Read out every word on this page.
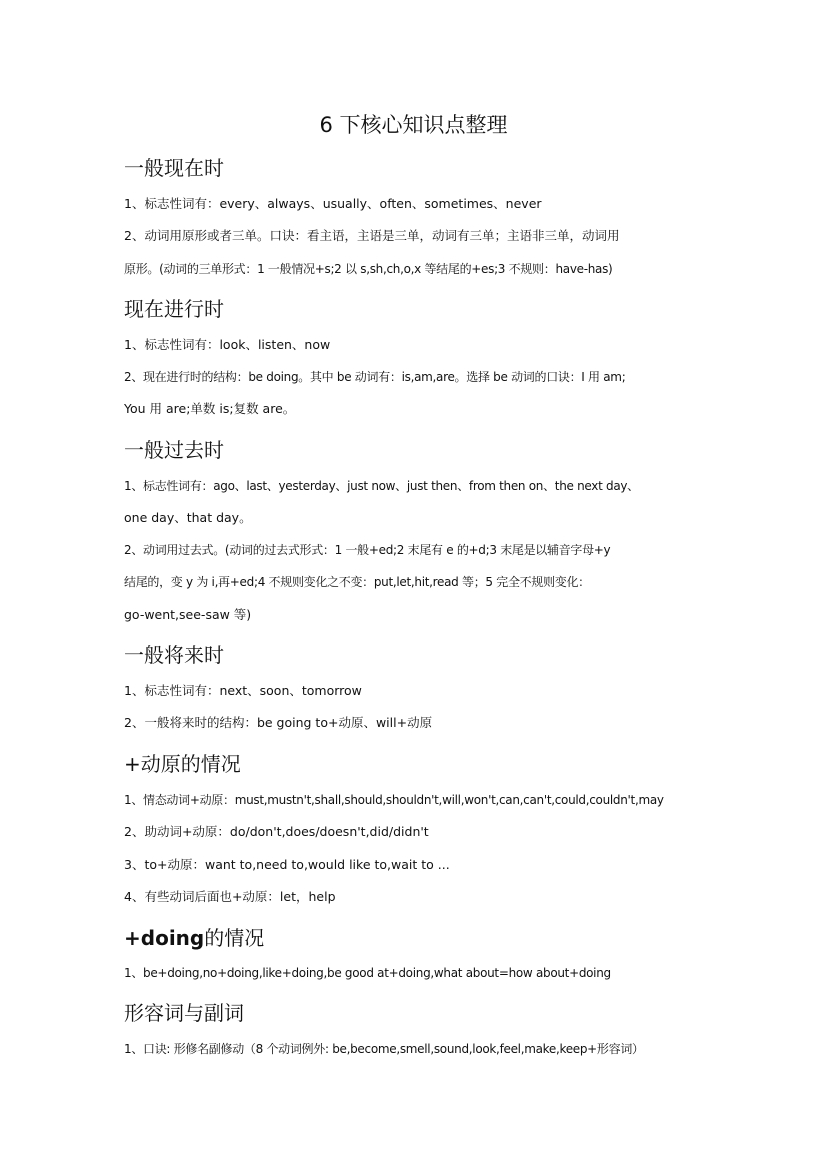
6 下核心知识点整理
一般现在时
1、标志性词有：every、always、usually、often、sometimes、never
2、动词用原形或者三单。口诀：看主语，主语是三单，动词有三单；主语非三单，动词用
原形。(动词的三单形式：1 一般情况+s;2 以 s,sh,ch,o,x 等结尾的+es;3 不规则：have-has)
现在进行时
1、标志性词有：look、listen、now
2、现在进行时的结构：be doing。其中 be 动词有：is,am,are。选择 be 动词的口诀：I 用 am;
You 用 are;单数 is;复数 are。
一般过去时
1、标志性词有：ago、last、yesterday、just now、just then、from then on、the next day、
one day、that day。
2、动词用过去式。(动词的过去式形式：1 一般+ed;2 末尾有 e 的+d;3 末尾是以辅音字母+y
结尾的，变 y 为 i,再+ed;4 不规则变化之不变：put,let,hit,read 等；5 完全不规则变化：
go-went,see-saw 等)
一般将来时
1、标志性词有：next、soon、tomorrow
2、一般将来时的结构：be going to+动原、will+动原
+动原的情况
1、情态动词+动原：must,mustn't,shall,should,shouldn't,will,won't,can,can't,could,couldn't,may
2、助动词+动原：do/don't,does/doesn't,did/didn't
3、to+动原：want to,need to,would like to,wait to ...
4、有些动词后面也+动原：let，help
+doing的情况
1、be+doing,no+doing,like+doing,be good at+doing,what about=how about+doing
形容词与副词
1、口诀: 形修名副修动（8 个动词例外: be,become,smell,sound,look,feel,make,keep+形容词）
